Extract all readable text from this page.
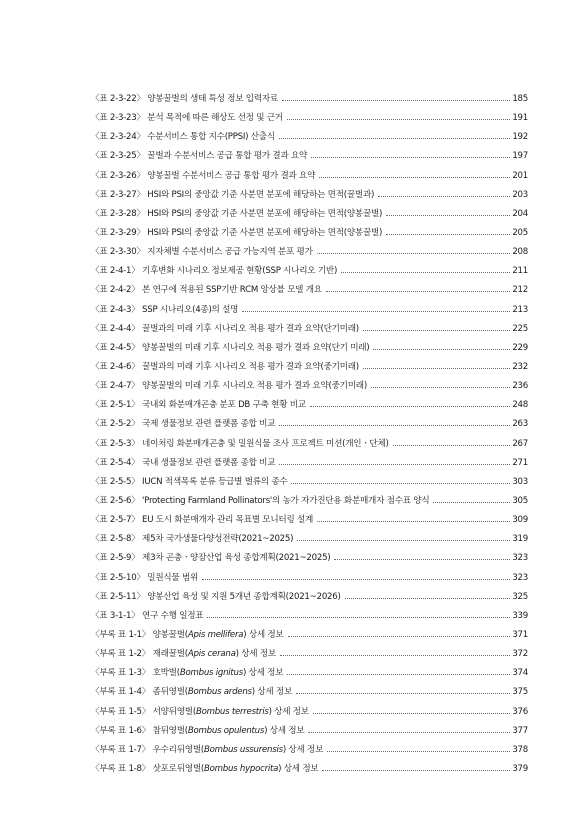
〈표 2-3-22〉 양봉꿀벌의 생태 특성 정보 입력자료	185
〈표 2-3-23〉 분석 목적에 따른 해상도 선정 및 근거	191
〈표 2-3-24〉 수분서비스 통합 지수(PPSI) 산출식	192
〈표 2-3-25〉 꿀벌과 수분서비스 공급 통합 평가 결과 요약	197
〈표 2-3-26〉 양봉꿀벌 수분서비스 공급 통합 평가 결과 요약	201
〈표 2-3-27〉 HSI와 PSI의 중앙값 기준 사분면 분포에 해당하는 면적(꿀벌과)	203
〈표 2-3-28〉 HSI와 PSI의 중앙값 기준 사분면 분포에 해당하는 면적(양봉꿀벌)	204
〈표 2-3-29〉 HSI와 PSI의 중앙값 기준 사분면 분포에 해당하는 면적(양봉꿀벌)	205
〈표 2-3-30〉 지자체별 수분서비스 공급 가능지역 분포 평가	208
〈표 2-4-1〉 기후변화 시나리오 정보제공 현황(SSP 시나리오 기반)	211
〈표 2-4-2〉 본 연구에 적용된 SSP기반 RCM 앙상블 모델 개요	212
〈표 2-4-3〉 SSP 시나리오(4종)의 설명	213
〈표 2-4-4〉 꿀벌과의 미래 기후 시나리오 적용 평가 결과 요약(단기미래)	225
〈표 2-4-5〉 양봉꿀벌의 미래 기후 시나리오 적용 평가 결과 요약(단기 미래)	229
〈표 2-4-6〉 꿀벌과의 미래 기후 시나리오 적용 평가 결과 요약(중기미래)	232
〈표 2-4-7〉 양봉꿀벌의 미래 기후 시나리오 적용 평가 결과 요약(중기미래)	236
〈표 2-5-1〉 국내외 화분매개곤충 분포 DB 구축 현황 비교	248
〈표 2-5-2〉 국제 생물정보 관련 플랫폼 종합 비교	263
〈표 2-5-3〉 네이처링 화분매개곤충 및 밀원식물 조사 프로젝트 미션(개인ㆍ단체)	267
〈표 2-5-4〉 국내 생물정보 관련 플랫폼 종합 비교	271
〈표 2-5-5〉 IUCN 적색목록 분류 등급별 벌류의 종수	303
〈표 2-5-6〉 'Protecting Farmland Pollinators'의 농가 자가진단용 화분매개자 점수표 양식	305
〈표 2-5-7〉 EU 도시 화분매개자 관리 목표별 모니터링 설계	309
〈표 2-5-8〉 제5차 국가생물다양성전략(2021~2025)	319
〈표 2-5-9〉 제3차 곤충ㆍ양잠산업 육성 종합계획(2021~2025)	323
〈표 2-5-10〉 밀원식물 범위	323
〈표 2-5-11〉 양봉산업 육성 및 지원 5개년 종합계획(2021~2026)	325
〈표 3-1-1〉 연구 수행 일정표	339
〈부록 표 1-1〉 양봉꿀벌(Apis mellifera) 상세 정보	371
〈부록 표 1-2〉 재래꿀벌(Apis cerana) 상세 정보	372
〈부록 표 1-3〉 호박벌(Bombus ignitus) 상세 정보	374
〈부록 표 1-4〉 좀뒤영벌(Bombus ardens) 상세 정보	375
〈부록 표 1-5〉 서양뒤영벌(Bombus terrestris) 상세 정보	376
〈부록 표 1-6〉 참뒤영벌(Bombus opulentus) 상세 정보	377
〈부록 표 1-7〉 우수리뒤영벌(Bombus ussurensis) 상세 정보	378
〈부록 표 1-8〉 삿포로뒤영벌(Bombus hypocrita) 상세 정보	379
